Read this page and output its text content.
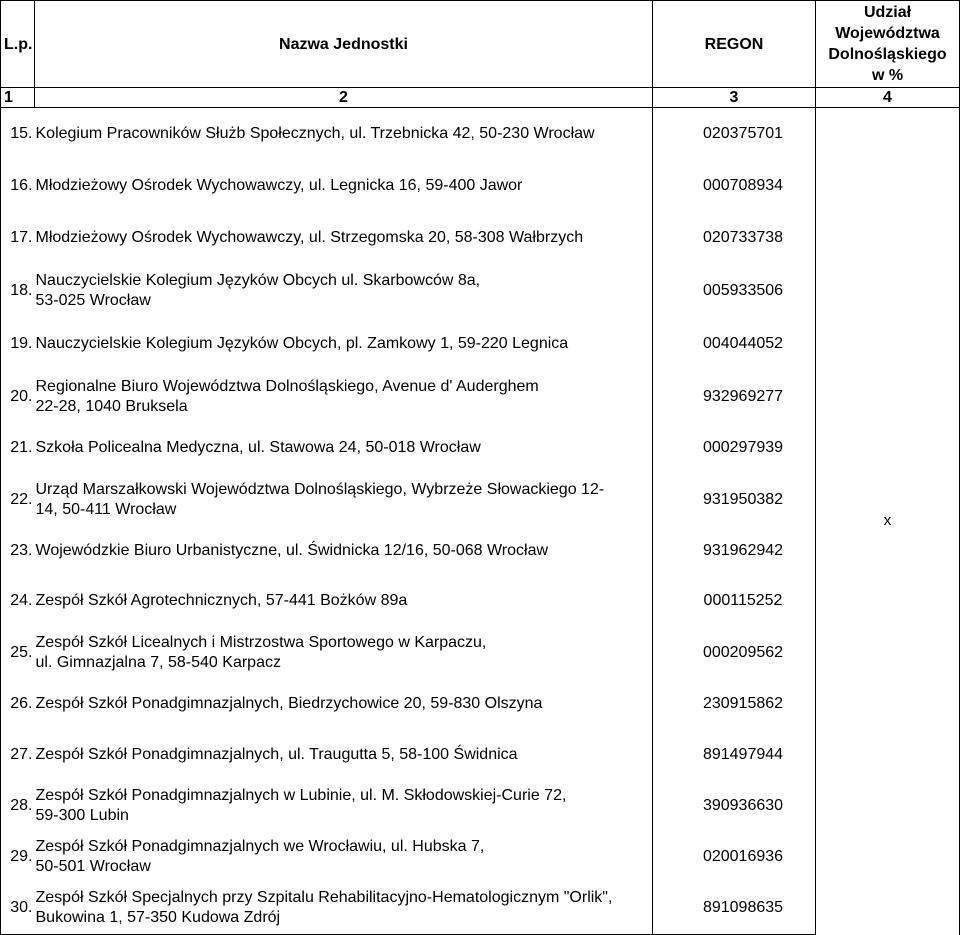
L.p.	Nazwa Jednostki	REGON	Udział
Województwa
Dolnośląskiego
w %

1	2	3	4

15.	Kolegium Pracowników Służb Społecznych, ul. Trzebnicka 42, 50-230 Wrocław	020375701	x

16.	Młodzieżowy Ośrodek Wychowawczy, ul. Legnicka 16, 59-400 Jawor	000708934	

17.	Młodzieżowy Ośrodek Wychowawczy, ul. Strzegomska 20, 58-308 Wałbrzych	020733738	

18.	Nauczycielskie Kolegium Języków Obcych ul. Skarbowców 8a,
53-025 Wrocław	005933506	

19.	Nauczycielskie Kolegium Języków Obcych, pl. Zamkowy 1, 59-220 Legnica	004044052	

20.	Regionalne Biuro Województwa Dolnośląskiego, Avenue d' Auderghem
22-28, 1040 Bruksela	932969277	

21.	Szkoła Policealna Medyczna, ul. Stawowa 24, 50-018 Wrocław	000297939	

22.	Urząd Marszałkowski Województwa Dolnośląskiego, Wybrzeże Słowackiego 12-
14, 50-411 Wrocław	931950382	

23.	Wojewódzkie Biuro Urbanistyczne, ul. Świdnicka 12/16, 50-068 Wrocław	931962942	

24.	Zespół Szkół Agrotechnicznych, 57-441 Bożków 89a	000115252	

25.	Zespół Szkół Licealnych i Mistrzostwa Sportowego w Karpaczu,
ul. Gimnazjalna 7, 58-540 Karpacz	000209562	

26.	Zespół Szkół Ponadgimnazjalnych, Biedrzychowice 20, 59-830 Olszyna	230915862	

27.	Zespół Szkół Ponadgimnazjalnych, ul. Traugutta 5, 58-100 Świdnica	891497944	

28.	Zespół Szkół Ponadgimnazjalnych w Lubinie, ul. M. Skłodowskiej-Curie 72,
59-300 Lubin	390936630	

29.	Zespół Szkół Ponadgimnazjalnych we Wrocławiu, ul. Hubska 7,
50-501 Wrocław	020016936	

30.	Zespół Szkół Specjalnych przy Szpitalu Rehabilitacyjno-Hematologicznym "Orlik",
Bukowina 1, 57-350 Kudowa Zdrój	891098635	
